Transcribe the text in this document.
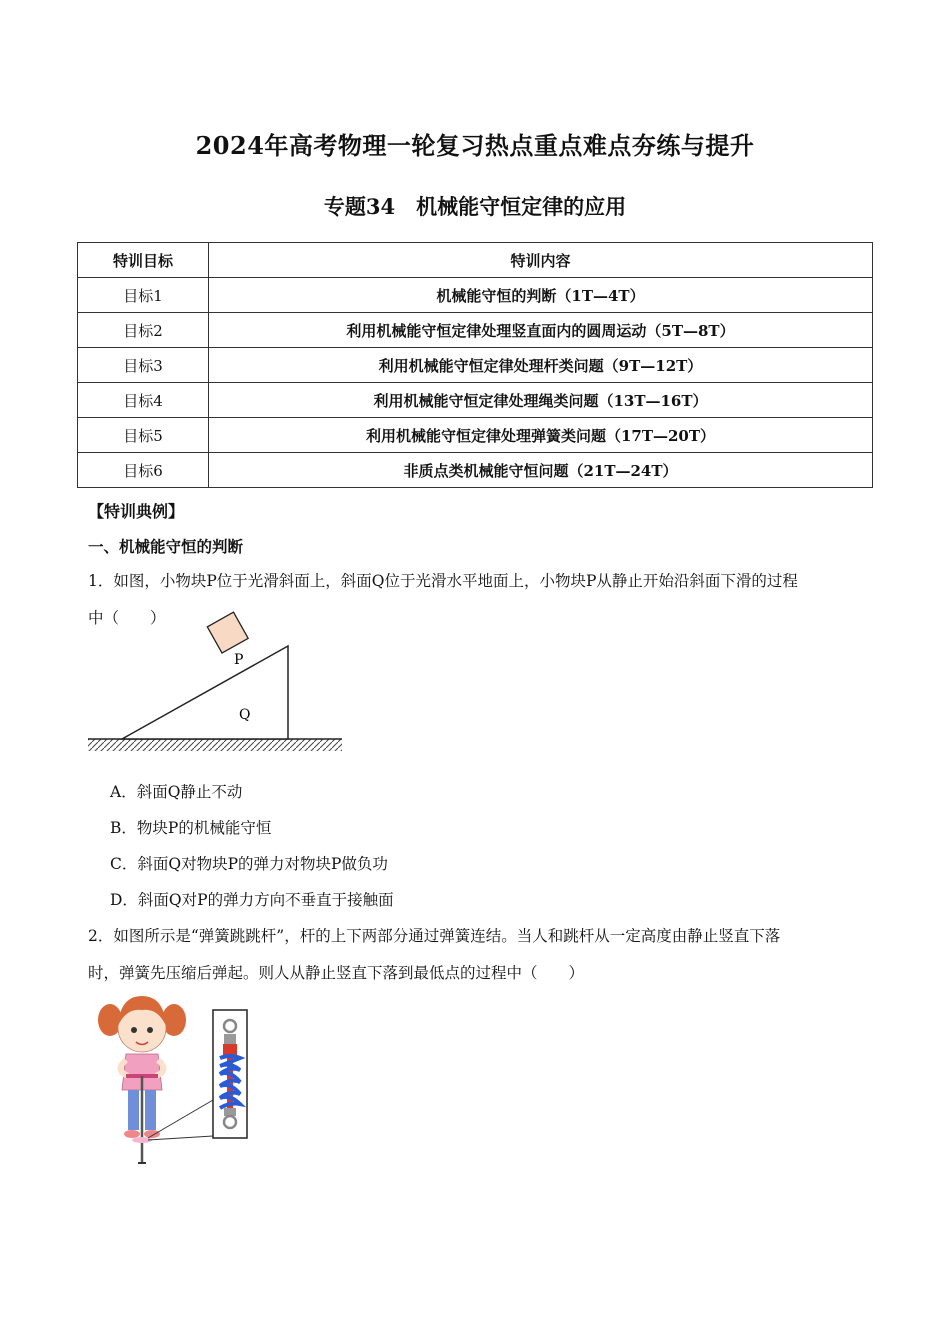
2024年高考物理一轮复习热点重点难点夯练与提升
专题34　机械能守恒定律的应用
特训目标	特训内容
目标1	机械能守恒的判断（1T—4T）
目标2	利用机械能守恒定律处理竖直面内的圆周运动（5T—8T）
目标3	利用机械能守恒定律处理杆类问题（9T—12T）
目标4	利用机械能守恒定律处理绳类问题（13T—16T）
目标5	利用机械能守恒定律处理弹簧类问题（17T—20T）
目标6	非质点类机械能守恒问题（21T—24T）
【特训典例】
一、机械能守恒的判断
1．如图，小物块P位于光滑斜面上，斜面Q位于光滑水平地面上，小物块P从静止开始沿斜面下滑的过程
中（　　）
P
Q
A．斜面Q静止不动
B．物块P的机械能守恒
C．斜面Q对物块P的弹力对物块P做负功
D．斜面Q对P的弹力方向不垂直于接触面
2．如图所示是“弹簧跳跳杆”，杆的上下两部分通过弹簧连结。当人和跳杆从一定高度由静止竖直下落
时，弹簧先压缩后弹起。则人从静止竖直下落到最低点的过程中（　　）
